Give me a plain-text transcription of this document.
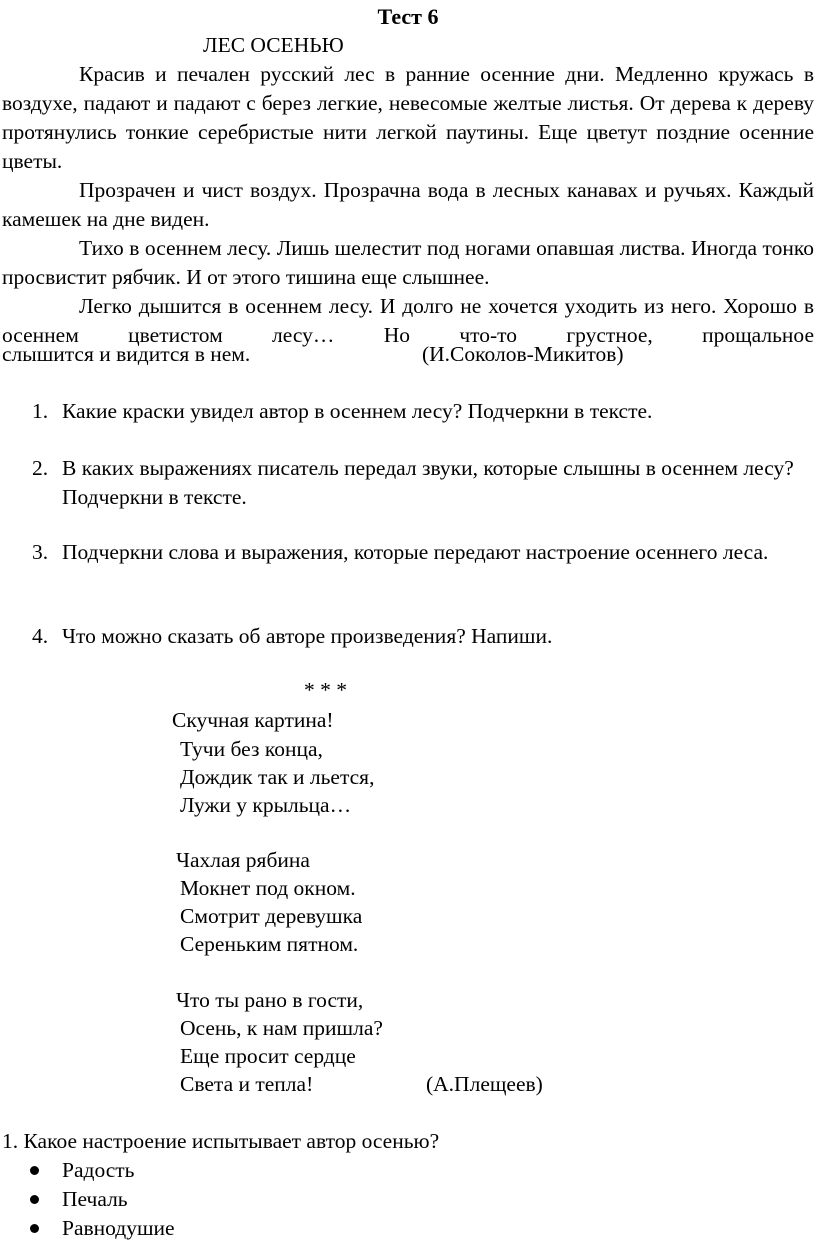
Тест 6
ЛЕС ОСЕНЬЮ
Красив и печален русский лес в ранние осенние дни. Медленно кружась в воздухе, падают и падают с берез легкие, невесомые желтые листья. От дерева к дереву протянулись тонкие серебристые нити легкой паутины. Еще цветут поздние осенние цветы.
Прозрачен и чист воздух. Прозрачна вода в лесных канавах и ручьях. Каждый камешек на дне виден.
Тихо в осеннем лесу. Лишь шелестит под ногами опавшая листва. Иногда тонко просвистит рябчик. И от этого тишина еще слышнее.
Легко дышится в осеннем лесу. И долго не хочется уходить из него. Хорошо в осеннем цветистом лесу… Но что-то грустное, прощальное
слышится и видится в нем.	(И.Соколов-Микитов)
1. Какие краски увидел автор в осеннем лесу? Подчеркни в тексте.
2. В каких выражениях писатель передал звуки, которые слышны в осеннем лесу? Подчеркни в тексте.
3. Подчеркни слова и выражения, которые передают настроение осеннего леса.
4. Что можно сказать об авторе произведения? Напиши.
* * *
Скучная картина!
Тучи без конца,
Дождик так и льется,
Лужи у крыльца…
Чахлая рябина
Мокнет под окном.
Смотрит деревушка
Сереньким пятном.
Что ты рано в гости,
Осень, к нам пришла?
Еще просит сердце
Света и тепла!	(А.Плещеев)
1. Какое настроение испытывает автор осенью?
Радость
Печаль
Равнодушие
